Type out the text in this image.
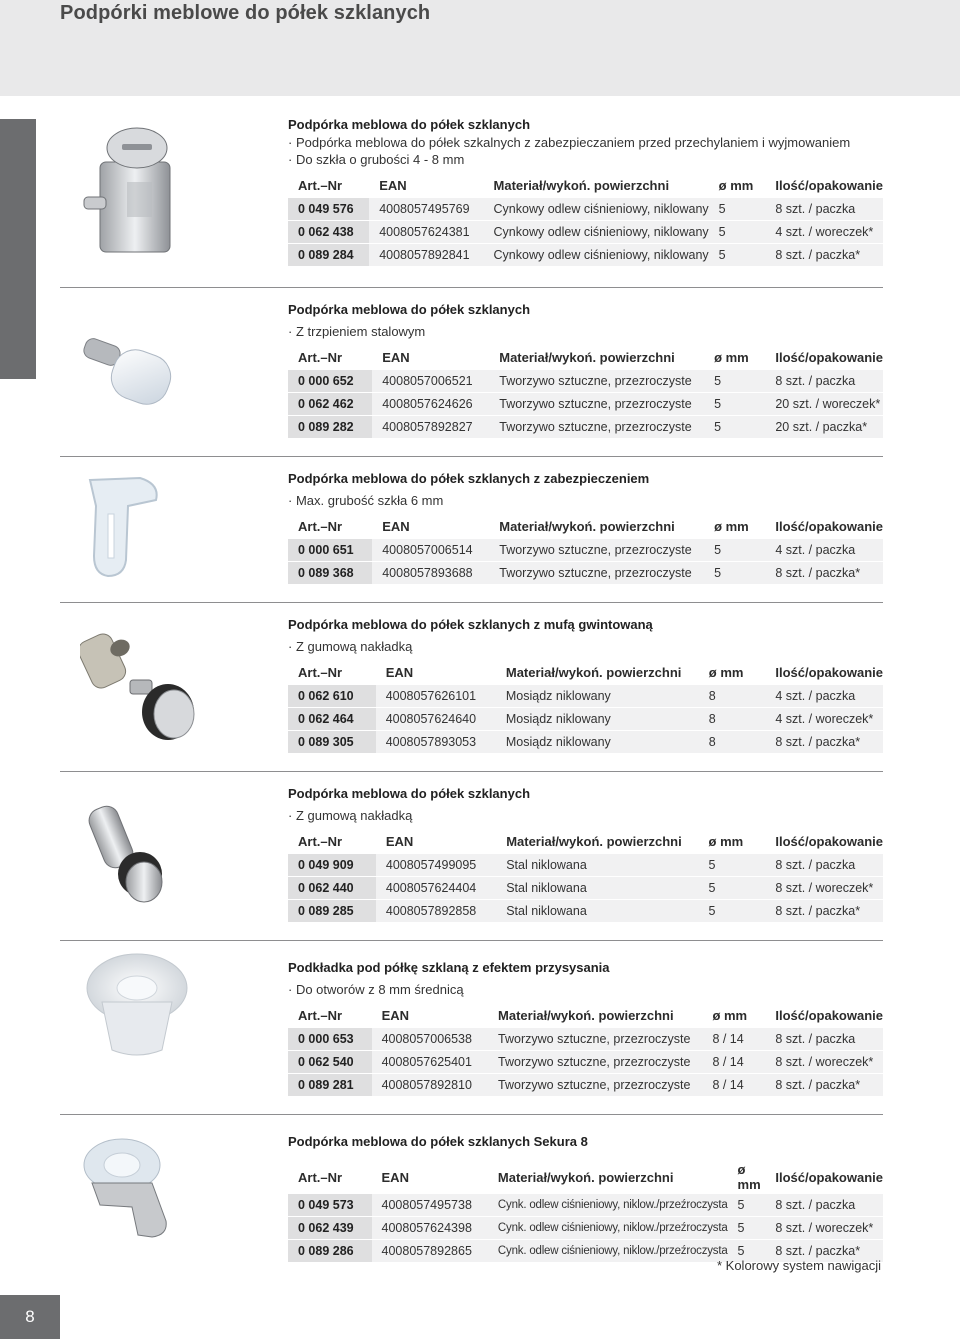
Podpórki meblowe do półek szklanych
Podpórka meblowa do półek szklanych
· Podpórka meblowa do półek szkalnych z zabezpieczaniem przed przechylaniem i wyjmowaniem
· Do szkła o grubości 4 - 8 mm
Art.–Nr	EAN	Materiał/wykoń. powierzchni	ø mm	Ilość/opakowanie
0 049 576	4008057495769	Cynkowy odlew ciśnieniowy, niklowany	5	8 szt. / paczka
0 062 438	4008057624381	Cynkowy odlew ciśnieniowy, niklowany	5	4 szt. / woreczek*
0 089 284	4008057892841	Cynkowy odlew ciśnieniowy, niklowany	5	8 szt. / paczka*
Podpórka meblowa do półek szklanych
· Z trzpieniem stalowym
Art.–Nr	EAN	Materiał/wykoń. powierzchni	ø mm	Ilość/opakowanie
0 000 652	4008057006521	Tworzywo sztuczne, przezroczyste	5	8 szt. / paczka
0 062 462	4008057624626	Tworzywo sztuczne, przezroczyste	5	20 szt. / woreczek*
0 089 282	4008057892827	Tworzywo sztuczne, przezroczyste	5	20 szt. / paczka*
Podpórka meblowa do półek szklanych z zabezpieczeniem
· Max. grubość szkła 6 mm
Art.–Nr	EAN	Materiał/wykoń. powierzchni	ø mm	Ilość/opakowanie
0 000 651	4008057006514	Tworzywo sztuczne, przezroczyste	5	4 szt. / paczka
0 089 368	4008057893688	Tworzywo sztuczne, przezroczyste	5	8 szt. / paczka*
Podpórka meblowa do półek szklanych z mufą gwintowaną
· Z gumową nakładką
Art.–Nr	EAN	Materiał/wykoń. powierzchni	ø mm	Ilość/opakowanie
0 062 610	4008057626101	Mosiądz niklowany	8	4 szt. / paczka
0 062 464	4008057624640	Mosiądz niklowany	8	4 szt. / woreczek*
0 089 305	4008057893053	Mosiądz niklowany	8	8 szt. / paczka*
Podpórka meblowa do półek szklanych
· Z gumową nakładką
Art.–Nr	EAN	Materiał/wykoń. powierzchni	ø mm	Ilość/opakowanie
0 049 909	4008057499095	Stal niklowana	5	8 szt. / paczka
0 062 440	4008057624404	Stal niklowana	5	8 szt. / woreczek*
0 089 285	4008057892858	Stal niklowana	5	8 szt. / paczka*
Podkładka pod półkę szklaną z efektem przysysania
· Do otworów z 8 mm średnicą
Art.–Nr	EAN	Materiał/wykoń. powierzchni	ø mm	Ilość/opakowanie
0 000 653	4008057006538	Tworzywo sztuczne, przezroczyste	8 / 14	8 szt. / paczka
0 062 540	4008057625401	Tworzywo sztuczne, przezroczyste	8 / 14	8 szt. / woreczek*
0 089 281	4008057892810	Tworzywo sztuczne, przezroczyste	8 / 14	8 szt. / paczka*
Podpórka meblowa do półek szklanych Sekura 8
Art.–Nr	EAN	Materiał/wykoń. powierzchni	ø mm	Ilość/opakowanie
0 049 573	4008057495738	Cynk. odlew ciśnieniowy, niklow./przeźroczysta	5	8 szt. / paczka
0 062 439	4008057624398	Cynk. odlew ciśnieniowy, niklow./przeźroczysta	5	8 szt. / woreczek*
0 089 286	4008057892865	Cynk. odlew ciśnieniowy, niklow./przeźroczysta	5	8 szt. / paczka*
* Kolorowy system nawigacji
8
